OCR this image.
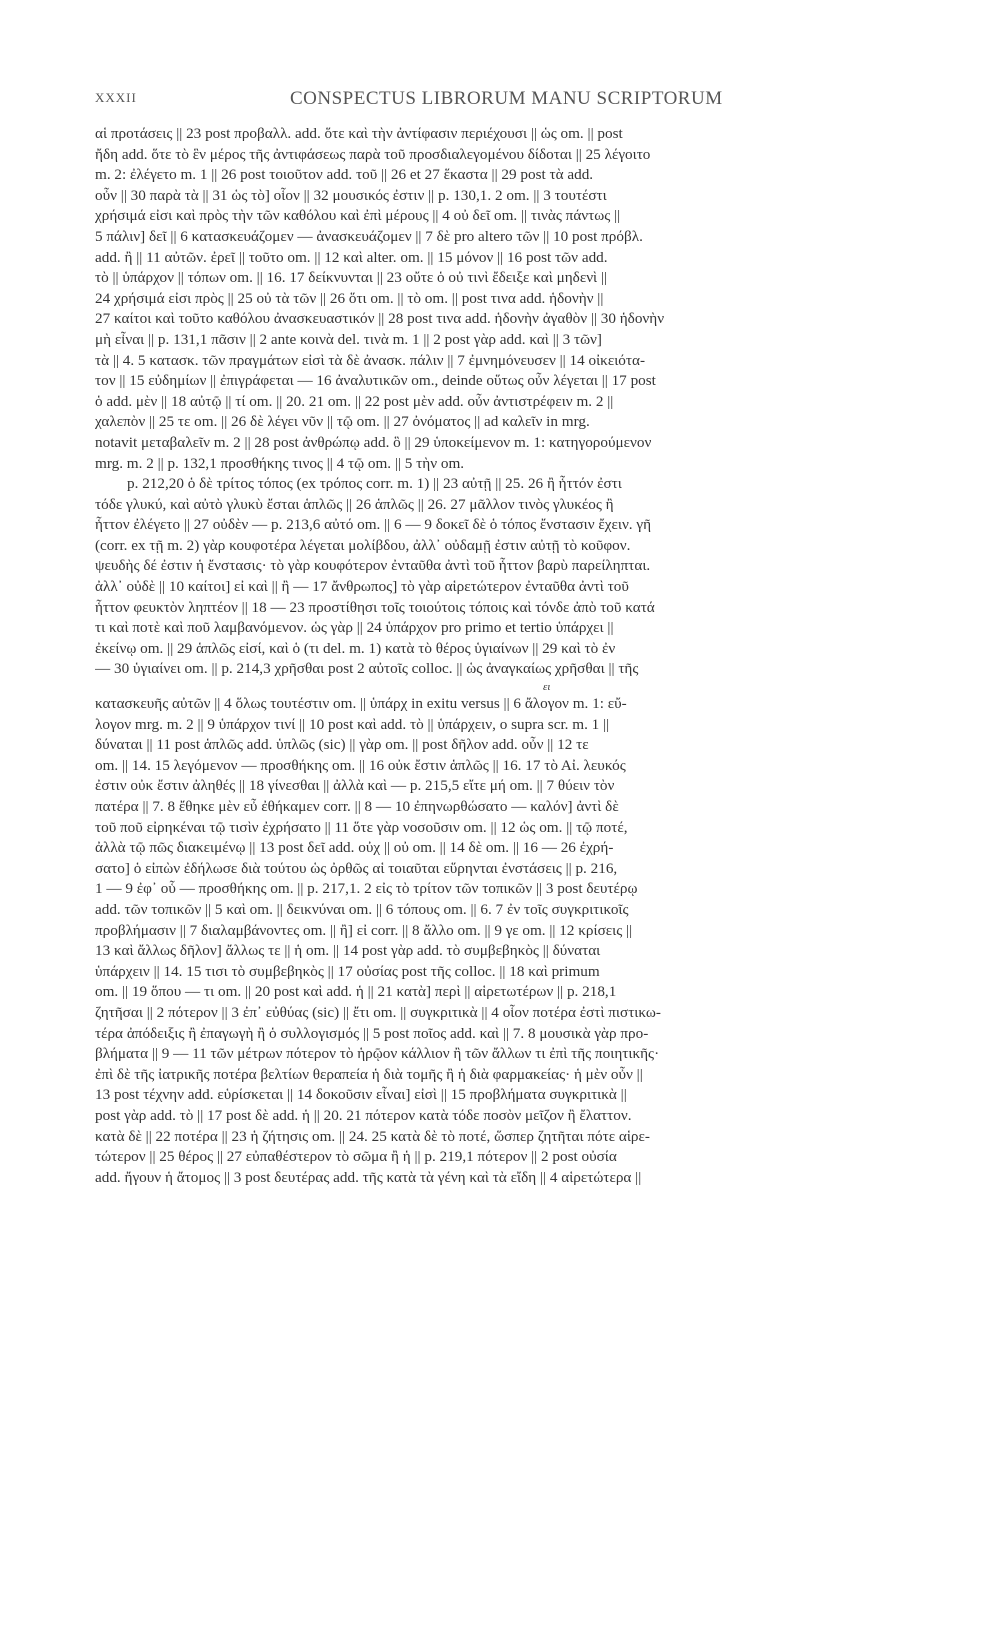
XXXII	CONSPECTUS LIBRORUM MANU SCRIPTORUM
αἱ προτάσεις || 23 post προβαλλ. add. ὅτε καὶ τὴν ἀντίφασιν περιέχουσι || ὡς om. || post
ἤδη add. ὅτε τὸ ἓν μέρος τῆς ἀντιφάσεως παρὰ τοῦ προσδιαλεγομένου δίδοται || 25 λέγοιτο
m. 2: ἐλέγετο m. 1 || 26 post τοιοῦτον add. τοῦ || 26 et 27 ἕκαστα || 29 post τὰ add.
οὖν || 30 παρὰ τὰ || 31 ὡς τὸ] οἷον || 32 μουσικός ἐστιν || p. 130,1. 2 om. || 3 τουτέστι
χρήσιμά εἰσι καὶ πρὸς τὴν τῶν καθόλου καὶ ἐπὶ μέρους || 4 οὐ δεῖ om. || τινὰς πάντως ||
5 πάλιν] δεῖ || 6 κατασκευάζομεν — ἀνασκευάζομεν || 7 δὲ pro altero τῶν || 10 post πρόβλ.
add. ἢ || 11 αὐτῶν. ἐρεῖ || τοῦτο om. || 12 καὶ alter. om. || 15 μόνον || 16 post τῶν add.
τὸ || ὑπάρχον || τόπων om. || 16. 17 δείκνυνται || 23 οὔτε ὁ οὐ τινὶ ἔδειξε καὶ μηδενὶ ||
24 χρήσιμά εἰσι πρὸς || 25 οὐ τὰ τῶν || 26 ὅτι om. || τὸ om. || post τινα add. ἡδονὴν ||
27 καίτοι καὶ τοῦτο καθόλου ἀνασκευαστικόν || 28 post τινα add. ἡδονὴν ἀγαθὸν || 30 ἡδονὴν
μὴ εἶναι || p. 131,1 πᾶσιν || 2 ante κοινὰ del. τινὰ m. 1 || 2 post γὰρ add. καὶ || 3 τῶν]
τὰ || 4. 5 κατασκ. τῶν πραγμάτων εἰσὶ τὰ δὲ ἀνασκ. πάλιν || 7 ἐμνημόνευσεν || 14 οἰκειότα-
τον || 15 εὐδημίων || ἐπιγράφεται — 16 ἀναλυτικῶν om., deinde οὕτως οὖν λέγεται || 17 post
ὁ add. μὲν || 18 αὐτῷ || τί om. || 20. 21 om. || 22 post μὲν add. οὖν ἀντιστρέφειν m. 2 ||
χαλεπὸν || 25 τε om. || 26 δὲ λέγει νῦν || τῷ om. || 27 ὀνόματος || ad καλεῖν in mrg.
notavit μεταβαλεῖν m. 2 || 28 post ἀνθρώπῳ add. ὃ || 29 ὑποκείμενον m. 1: κατηγορούμενον
mrg. m. 2 || p. 132,1 προσθήκης τινος || 4 τῷ om. || 5 τὴν om.
p. 212,20 ὁ δὲ τρίτος τόπος (ex τρόπος corr. m. 1) || 23 αὐτῇ || 25. 26 ἢ ἧττόν ἐστι
τόδε γλυκύ, καὶ αὐτὸ γλυκὺ ἔσται ἁπλῶς || 26 ἁπλῶς || 26. 27 μᾶλλον τινὸς γλυκέος ἢ
ἧττον ἐλέγετο || 27 οὐδὲν — p. 213,6 αὐτό om. || 6 — 9 δοκεῖ δὲ ὁ τόπος ἔνστασιν ἔχειν. γῆ
(corr. ex τῇ m. 2) γὰρ κουφοτέρα λέγεται μολίβδου, ἀλλ᾽ οὐδαμῇ ἐστιν αὐτῇ τὸ κοῦφον.
ψευδὴς δέ ἐστιν ἡ ἔνστασις· τὸ γὰρ κουφότερον ἐνταῦθα ἀντὶ τοῦ ἧττον βαρὺ παρείληπται.
ἀλλ᾽ οὐδὲ || 10 καίτοι] εἰ καὶ || ἢ — 17 ἄνθρωπος] τὸ γὰρ αἱρετώτερον ἐνταῦθα ἀντὶ τοῦ
ἧττον φευκτὸν ληπτέον || 18 — 23 προστίθησι τοῖς τοιούτοις τόποις καὶ τόνδε ἀπὸ τοῦ κατά
τι καὶ ποτὲ καὶ ποῦ λαμβανόμενον. ὡς γὰρ || 24 ὑπάρχον pro primo et tertio ὑπάρχει ||
ἐκείνῳ om. || 29 ἁπλῶς εἰσί, καὶ ὁ (τι del. m. 1) κατὰ τὸ θέρος ὑγιαίνων || 29 καὶ τὸ ἐν
— 30 ὑγιαίνει om. || p. 214,3 χρῆσθαι post 2 αὐτοῖς colloc. || ὡς ἀναγκαίως χρῆσθαι || τῆς
ει
κατασκευῆς αὐτῶν || 4 ὅλως τουτέστιν om. || ὑπάρχ in exitu versus || 6 ἄλογον m. 1: εὔ-
λογον mrg. m. 2 || 9 ὑπάρχον τινί || 10 post καὶ add. τὸ || ὑπάρχειν, ο supra scr. m. 1 ||
δύναται || 11 post ἁπλῶς add. ὑπλῶς (sic) || γὰρ om. || post δῆλον add. οὖν || 12 τε
om. || 14. 15 λεγόμενον — προσθήκης om. || 16 οὐκ ἔστιν ἁπλῶς || 16. 17 τὸ Αἰ. λευκός
ἐστιν οὐκ ἔστιν ἀληθές || 18 γίνεσθαι || ἀλλὰ καὶ — p. 215,5 εἴτε μή om. || 7 θύειν τὸν
πατέρα || 7. 8 ἔθηκε μὲν εὖ ἐθήκαμεν corr. || 8 — 10 ἐπηνωρθώσατο — καλόν] ἀντὶ δὲ
τοῦ ποῦ εἰρηκέναι τῷ τισὶν ἐχρήσατο || 11 ὅτε γὰρ νοσοῦσιν om. || 12 ὡς om. || τῷ ποτέ,
ἀλλὰ τῷ πῶς διακειμένῳ || 13 post δεῖ add. οὐχ || οὐ om. || 14 δὲ om. || 16 — 26 ἐχρή-
σατο] ὁ εἰπὼν ἐδήλωσε διὰ τούτου ὡς ὀρθῶς αἱ τοιαῦται εὕρηνται ἐνστάσεις || p. 216,
1 — 9 ἐφ᾽ οὗ — προσθήκης om. || p. 217,1. 2 εἰς τὸ τρίτον τῶν τοπικῶν || 3 post δευτέρῳ
add. τῶν τοπικῶν || 5 καὶ om. || δεικνύναι om. || 6 τόπους om. || 6. 7 ἐν τοῖς συγκριτικοῖς
προβλήμασιν || 7 διαλαμβάνοντες om. || ἢ] εἰ corr. || 8 ἄλλο om. || 9 γε om. || 12 κρίσεις ||
13 καὶ ἄλλως δῆλον] ἄλλως τε || ἡ om. || 14 post γὰρ add. τὸ συμβεβηκὸς || δύναται
ὑπάρχειν || 14. 15 τισι τὸ συμβεβηκὸς || 17 οὐσίας post τῆς colloc. || 18 καὶ primum
om. || 19 ὅπου — τι om. || 20 post καὶ add. ἡ || 21 κατὰ] περὶ || αἱρετωτέρων || p. 218,1
ζητῆσαι || 2 πότερον || 3 ἐπ᾽ εὐθύας (sic) || ἔτι om. || συγκριτικὰ || 4 οἷον ποτέρα ἐστὶ πιστικω-
τέρα ἀπόδειξις ἢ ἐπαγωγὴ ἢ ὁ συλλογισμός || 5 post ποῖος add. καὶ || 7. 8 μουσικὰ γὰρ προ-
βλήματα || 9 — 11 τῶν μέτρων πότερον τὸ ἡρῷον κάλλιον ἢ τῶν ἄλλων τι ἐπὶ τῆς ποιητικῆς·
ἐπὶ δὲ τῆς ἰατρικῆς ποτέρα βελτίων θεραπεία ἡ διὰ τομῆς ἢ ἡ διὰ φαρμακείας· ἡ μὲν οὖν ||
13 post τέχνην add. εὑρίσκεται || 14 δοκοῦσιν εἶναι] εἰσὶ || 15 προβλήματα συγκριτικὰ ||
post γὰρ add. τὸ || 17 post δὲ add. ἡ || 20. 21 πότερον κατὰ τόδε ποσὸν μεῖζον ἢ ἔλαττον.
κατὰ δὲ || 22 ποτέρα || 23 ἡ ζήτησις om. || 24. 25 κατὰ δὲ τὸ ποτέ, ὥσπερ ζητῆται πότε αἱρε-
τώτερον || 25 θέρος || 27 εὐπαθέστερον τὸ σῶμα ἢ ἡ || p. 219,1 πότερον || 2 post οὐσία
add. ἤγουν ἡ ἄτομος || 3 post δευτέρας add. τῆς κατὰ τὰ γένη καὶ τὰ εἴδη || 4 αἱρετώτερα ||
